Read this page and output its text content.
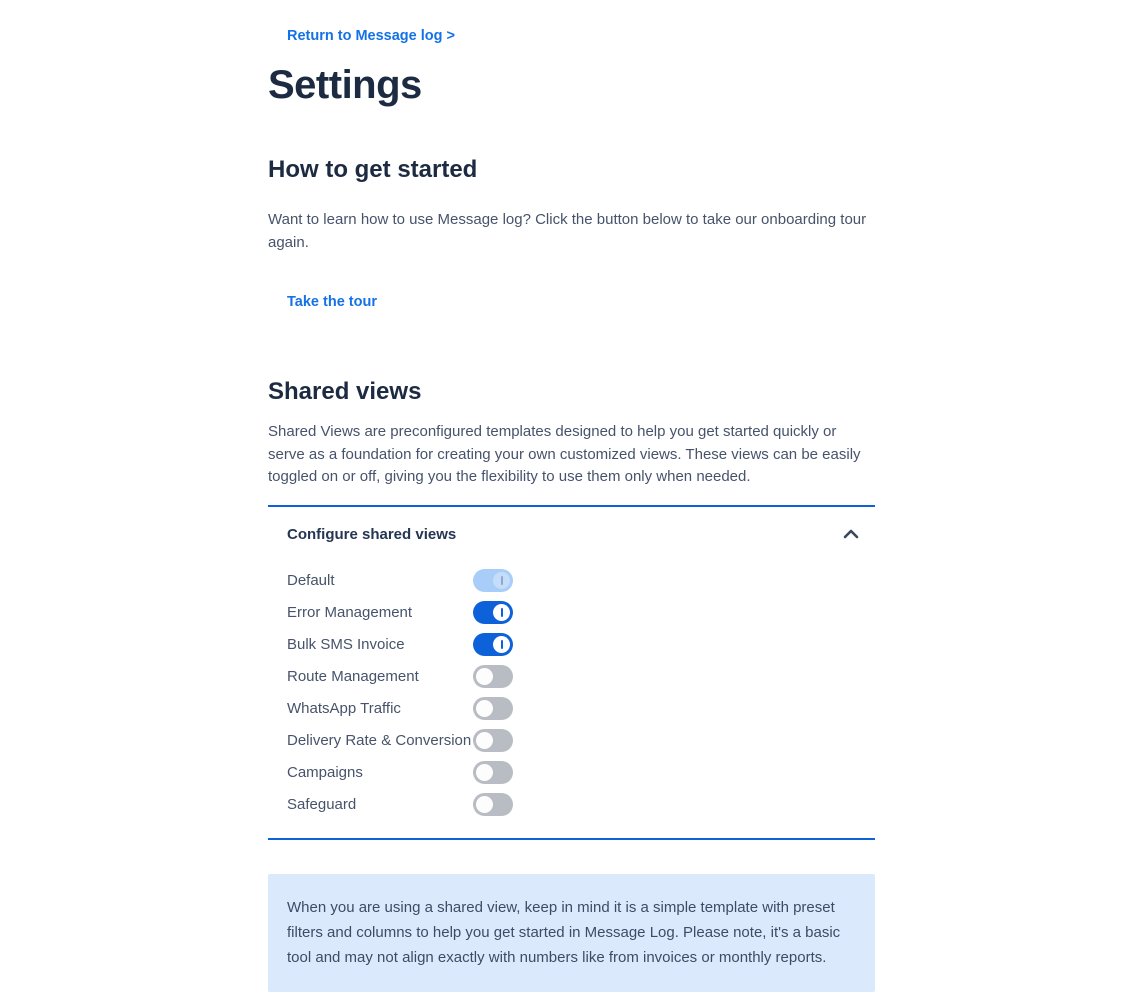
Return to Message log >
Settings
How to get started

Want to learn how to use Message log? Click the button below to take our onboarding tour again.

Take the tour
Shared views

Shared Views are preconfigured templates designed to help you get started quickly or serve as a foundation for creating your own customized views. These views can be easily toggled on or off, giving you the flexibility to use them only when needed.

Configure shared views
Default
Error Management
Bulk SMS Invoice
Route Management
WhatsApp Traffic
Delivery Rate & Conversion
Campaigns
Safeguard

When you are using a shared view, keep in mind it is a simple template with preset filters and columns to help you get started in Message Log. Please note, it's a basic tool and may not align exactly with numbers like from invoices or monthly reports.
